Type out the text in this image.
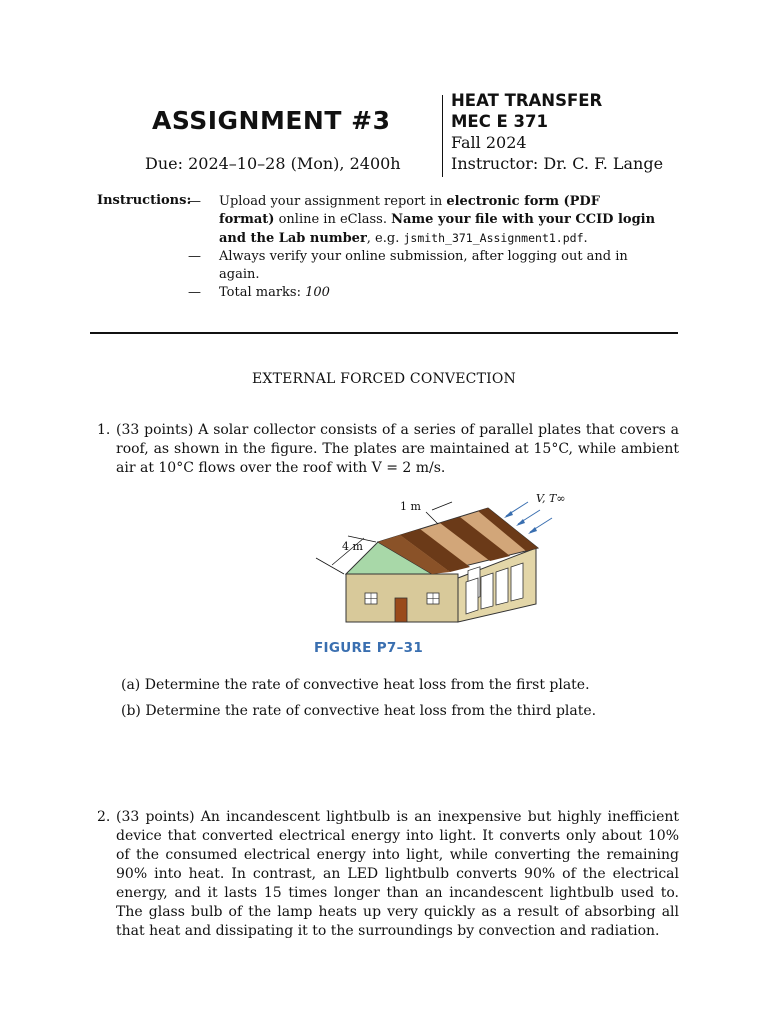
ASSIGNMENT #3
Due: 2024–10–28 (Mon), 2400h
HEAT TRANSFER
MEC E 371
Fall 2024
Instructor: Dr. C. F. Lange
Instructions:
— Upload your assignment report in electronic form (PDF format) online in eClass. Name your file with your CCID login and the Lab number, e.g. jsmith_371_Assignment1.pdf.
— Always verify your online submission, after logging out and in again.
— Total marks: 100
EXTERNAL FORCED CONVECTION
1. (33 points) A solar collector consists of a series of parallel plates that covers a roof, as shown in the figure. The plates are maintained at 15°C, while ambient air at 10°C flows over the roof with V = 2 m/s.
1 m
4 m
V, T∞
FIGURE P7–31
(a) Determine the rate of convective heat loss from the first plate.
(b) Determine the rate of convective heat loss from the third plate.
2. (33 points) An incandescent lightbulb is an inexpensive but highly inefficient device that converted electrical energy into light. It converts only about 10% of the consumed electrical energy into light, while converting the remaining 90% into heat. In contrast, an LED lightbulb converts 90% of the electrical energy, and it lasts 15 times longer than an incandescent lightbulb used to. The glass bulb of the lamp heats up very quickly as a result of absorbing all that heat and dissipating it to the surroundings by convection and radiation.
